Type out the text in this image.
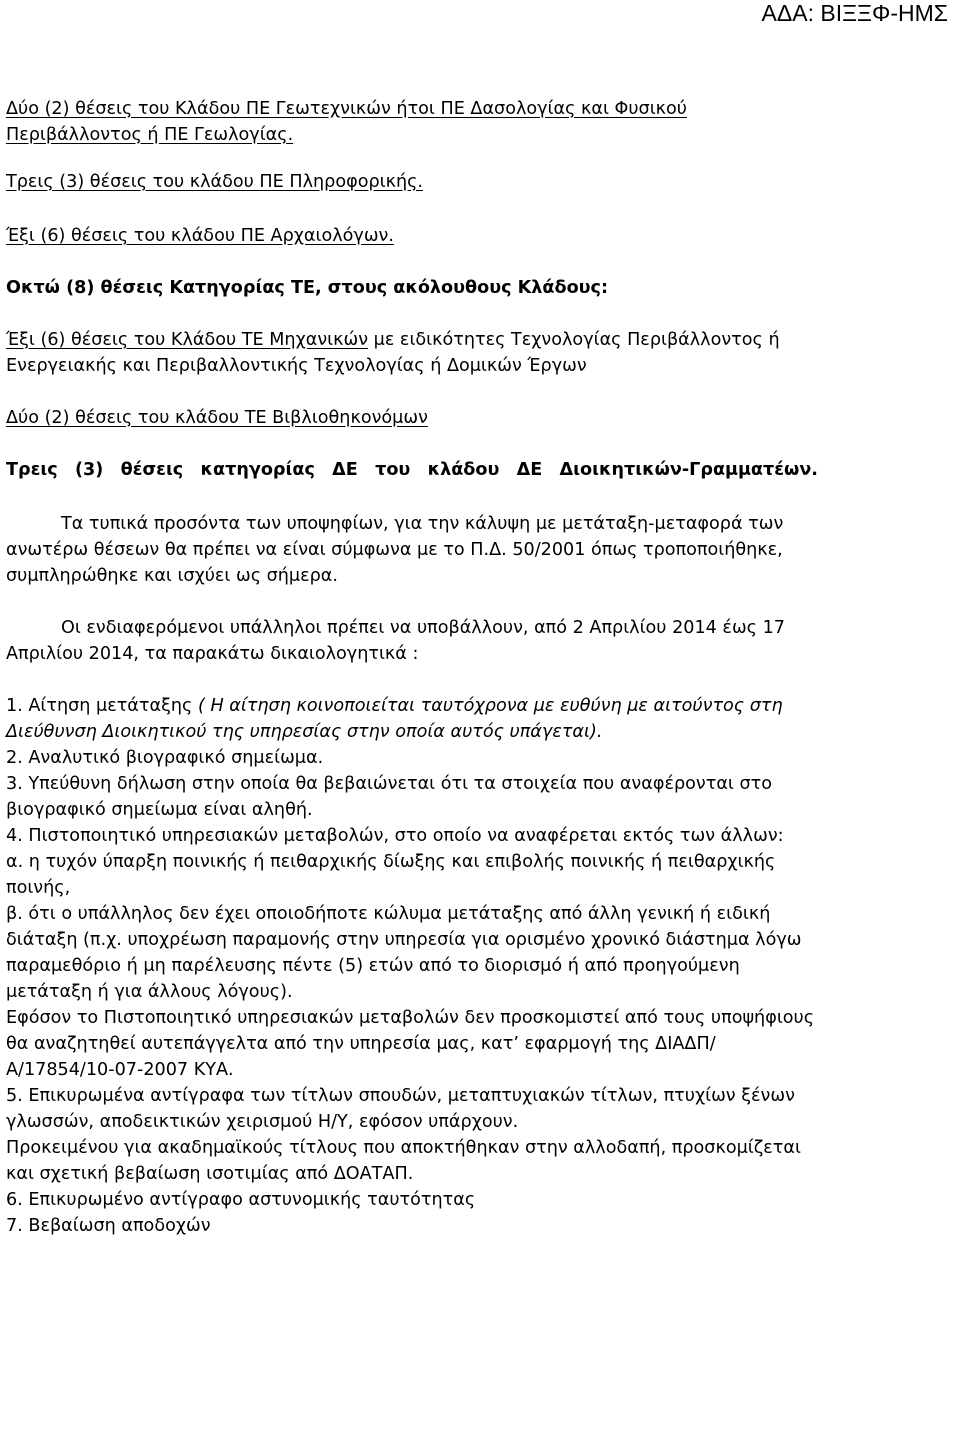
ΑΔΑ: ΒΙΞΞΦ-ΗΜΣ

Δύο (2) θέσεις του Κλάδου ΠΕ Γεωτεχνικών ήτοι ΠΕ Δασολογίας και Φυσικού Περιβάλλοντος ή ΠΕ Γεωλογίας.

Τρεις (3) θέσεις του κλάδου ΠΕ Πληροφορικής.

Έξι (6) θέσεις του κλάδου ΠΕ Αρχαιολόγων.

Οκτώ (8) θέσεις Κατηγορίας ΤΕ, στους ακόλουθους Κλάδους:

Έξι (6) θέσεις του Κλάδου ΤΕ Μηχανικών με ειδικότητες Τεχνολογίας Περιβάλλοντος ή Ενεργειακής και Περιβαλλοντικής Τεχνολογίας ή Δομικών Έργων

Δύο (2) θέσεις του κλάδου ΤΕ Βιβλιοθηκονόμων

Τρεις (3) θέσεις κατηγορίας ΔΕ του κλάδου ΔΕ Διοικητικών-Γραμματέων.

Τα τυπικά προσόντα των υποψηφίων, για την κάλυψη με μετάταξη-μεταφορά των ανωτέρω θέσεων θα πρέπει να είναι σύμφωνα με το Π.Δ. 50/2001 όπως τροποποιήθηκε, συμπληρώθηκε και ισχύει ως σήμερα.

Οι ενδιαφερόμενοι υπάλληλοι πρέπει να υποβάλλουν, από 2 Απριλίου 2014 έως 17 Απριλίου 2014, τα παρακάτω δικαιολογητικά :

1. Αίτηση μετάταξης ( Η αίτηση κοινοποιείται ταυτόχρονα με ευθύνη με αιτούντος στη Διεύθυνση Διοικητικού της υπηρεσίας στην οποία αυτός υπάγεται).

2. Αναλυτικό βιογραφικό σημείωμα.

3. Υπεύθυνη δήλωση στην οποία θα βεβαιώνεται ότι τα στοιχεία που αναφέρονται στο βιογραφικό σημείωμα είναι αληθή.

4. Πιστοποιητικό υπηρεσιακών μεταβολών, στο οποίο να αναφέρεται εκτός των άλλων:

α. η τυχόν ύπαρξη ποινικής ή πειθαρχικής δίωξης και επιβολής ποινικής ή πειθαρχικής ποινής,

β. ότι ο υπάλληλος δεν έχει οποιοδήποτε κώλυμα μετάταξης από άλλη γενική ή ειδική διάταξη (π.χ. υποχρέωση παραμονής στην υπηρεσία για ορισμένο χρονικό διάστημα λόγω παραμεθόριο ή μη παρέλευσης πέντε (5) ετών από το διορισμό ή από προηγούμενη μετάταξη ή για άλλους λόγους).

Εφόσον το Πιστοποιητικό υπηρεσιακών μεταβολών δεν προσκομιστεί από τους υποψήφιους θα αναζητηθεί αυτεπάγγελτα από την υπηρεσία μας, κατ’ εφαρμογή της ΔΙΑΔΠ/Α/17854/10-07-2007 ΚΥΑ.

5. Επικυρωμένα αντίγραφα των τίτλων σπουδών, μεταπτυχιακών τίτλων, πτυχίων ξένων γλωσσών, αποδεικτικών χειρισμού Η/Υ, εφόσον υπάρχουν.

Προκειμένου για ακαδημαϊκούς τίτλους που αποκτήθηκαν στην αλλοδαπή, προσκομίζεται και σχετική βεβαίωση ισοτιμίας από ΔΟΑΤΑΠ.

6. Επικυρωμένο αντίγραφο αστυνομικής ταυτότητας

7. Βεβαίωση αποδοχών
